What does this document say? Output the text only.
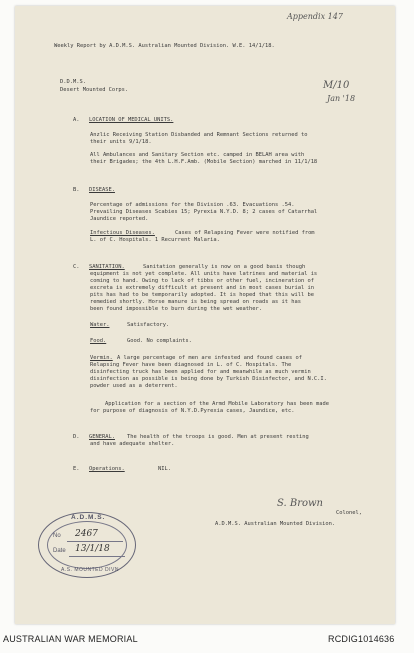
Appendix 147
M/10
Jan '18
Weekly Report by A.D.M.S. Australian Mounted Division. W.E. 14/1/18.
D.D.M.S.
Desert Mounted Corps.
A. LOCATION OF MEDICAL UNITS.
Anzlic Receiving Station Disbanded and Remnant Sections returned to
their units 9/1/18.
All Ambulances and Sanitary Section etc. camped in BELAH area with
their Brigades; the 4th L.H.F.Amb. (Mobile Section) marched in 11/1/18
B. DISEASE.
Percentage of admissions for the Division .63. Evacuations .54.
Prevailing Diseases Scabies 15; Pyrexia N.Y.D. 8; 2 cases of Catarrhal
Jaundice reported.
Infectious Diseases.	Cases of Relapsing Fever were notified from
L. of C. Hospitals. 1 Recurrent Malaria.
C. SANITATION.	Sanitation generally is now on a good basis though
equipment is not yet complete. All units have latrines and material is
coming to hand. Owing to lack of tibbs or other fuel, incineration of
excreta is extremely difficult at present and in most cases burial in
pits has had to be temporarily adopted. It is hoped that this will be
remedied shortly. Horse manure is being spread on roads as it has
been found impossible to burn during the wet weather.
Water.	Satisfactory.
Food.	Good. No complaints.
Vermin. A large percentage of men are infested and found cases of
Relapsing Fever have been diagnosed in L. of C. Hospitals. The
disinfecting truck has been applied for and meanwhile as much vermin
disinfection as possible is being done by Turkish Disinfector, and N.C.I.
powder used as a deterrent.
Application for a section of the Armd Mobile Laboratory has been made
for purpose of diagnosis of N.Y.D.Pyrexia cases, Jaundice, etc.
D. GENERAL. The health of the troops is good. Men at present resting
and have adequate shelter.
E. Operations.	NIL.
S. Brown
Colonel,
A.D.M.S. Australian Mounted Division.
A.D.M.S.
No 2467
Date 13/1/18
A.S. MOUNTED DIVN
AUSTRALIAN WAR MEMORIAL	RCDIG1014636
